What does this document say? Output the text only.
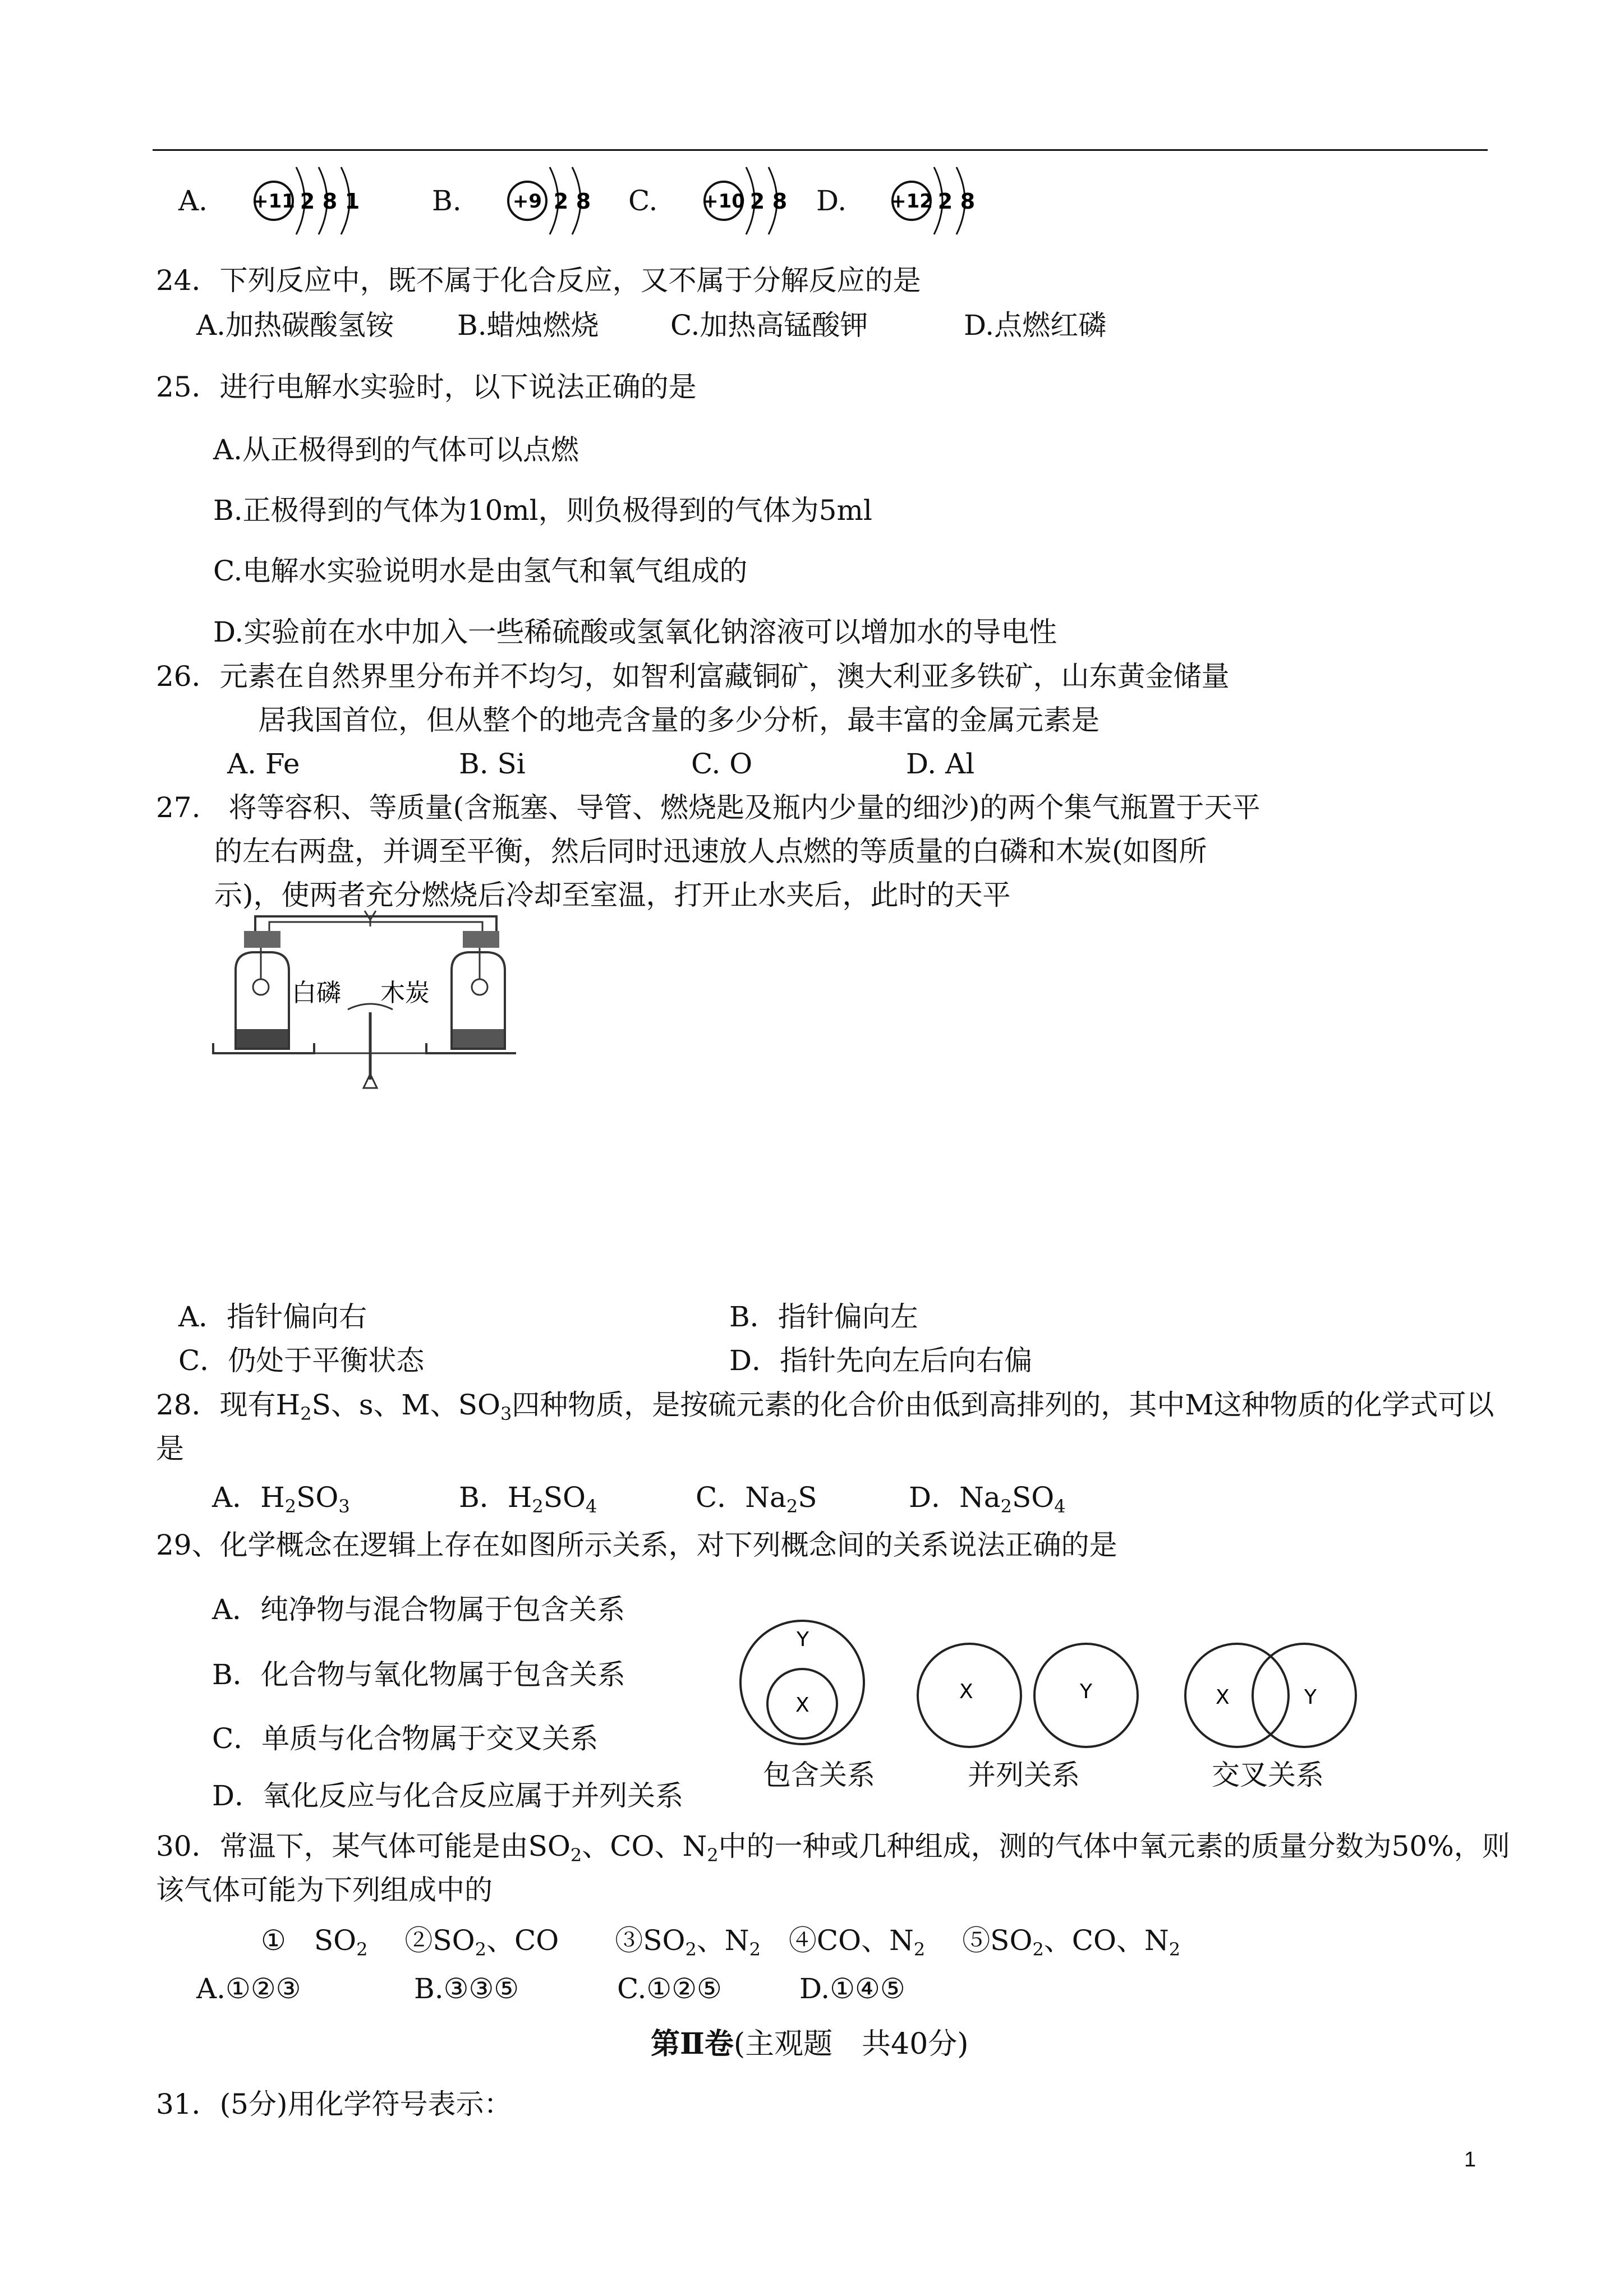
A. +11 2 8 1	B.	+9 2 8 C. +10 2 8 D. +12 2 8
24．下列反应中，既不属于化合反应，又不属于分解反应的是
A.加热碳酸氢铵 B.蜡烛燃烧	C.加热高锰酸钾	D.点燃红磷
25．进行电解水实验时，以下说法正确的是
A.从正极得到的气体可以点燃
B.正极得到的气体为10ml，则负极得到的气体为5ml
C.电解水实验说明水是由氢气和氧气组成的
D.实验前在水中加入一些稀硫酸或氢氧化钠溶液可以增加水的导电性
26．元素在自然界里分布并不均匀，如智利富藏铜矿，澳大利亚多铁矿，山东黄金储量
居我国首位，但从整个的地壳含量的多少分析，最丰富的金属元素是
A. Fe	B. Si	C. O	D. Al
27.　将等容积、等质量(含瓶塞、导管、燃烧匙及瓶内少量的细沙)的两个集气瓶置于天平
的左右两盘，并调至平衡，然后同时迅速放人点燃的等质量的白磷和木炭(如图所
示)，使两者充分燃烧后冷却至室温，打开止水夹后，此时的天平
白磷 木炭
A．指针偏向右	B．指针偏向左
C．仍处于平衡状态	D．指针先向左后向右偏
28．现有$H_2S$、s、M、$SO_3$四种物质，是按硫元素的化合价由低到高排列的，其中M这种物质的化学式可以
是
A．$H_2SO_3$	B．$H_2SO_4$	C．$Na_2S$	D．$Na_2SO_4$
29、化学概念在逻辑上存在如图所示关系，对下列概念间的关系说法正确的是
A．纯净物与混合物属于包含关系
B．化合物与氧化物属于包含关系
C．单质与化合物属于交叉关系
D．氧化反应与化合反应属于并列关系
Y
X
包含关系
X	Y
并列关系
X	Y
交叉关系
30．常温下，某气体可能是由$SO_2$、CO、$N_2$中的一种或几种组成，测的气体中氧元素的质量分数为50%，则
该气体可能为下列组成中的
①　$SO_2$　 $②SO_2$、CO　　$③SO_2$、$N_2$　 ④CO、$N_2$　 $⑤SO_2$、CO、$N_2$
A.①②③	B.③③⑤	C.①②⑤	D.①④⑤
第Ⅱ卷(主观题　共40分)
31．(5分)用化学符号表示：
1
